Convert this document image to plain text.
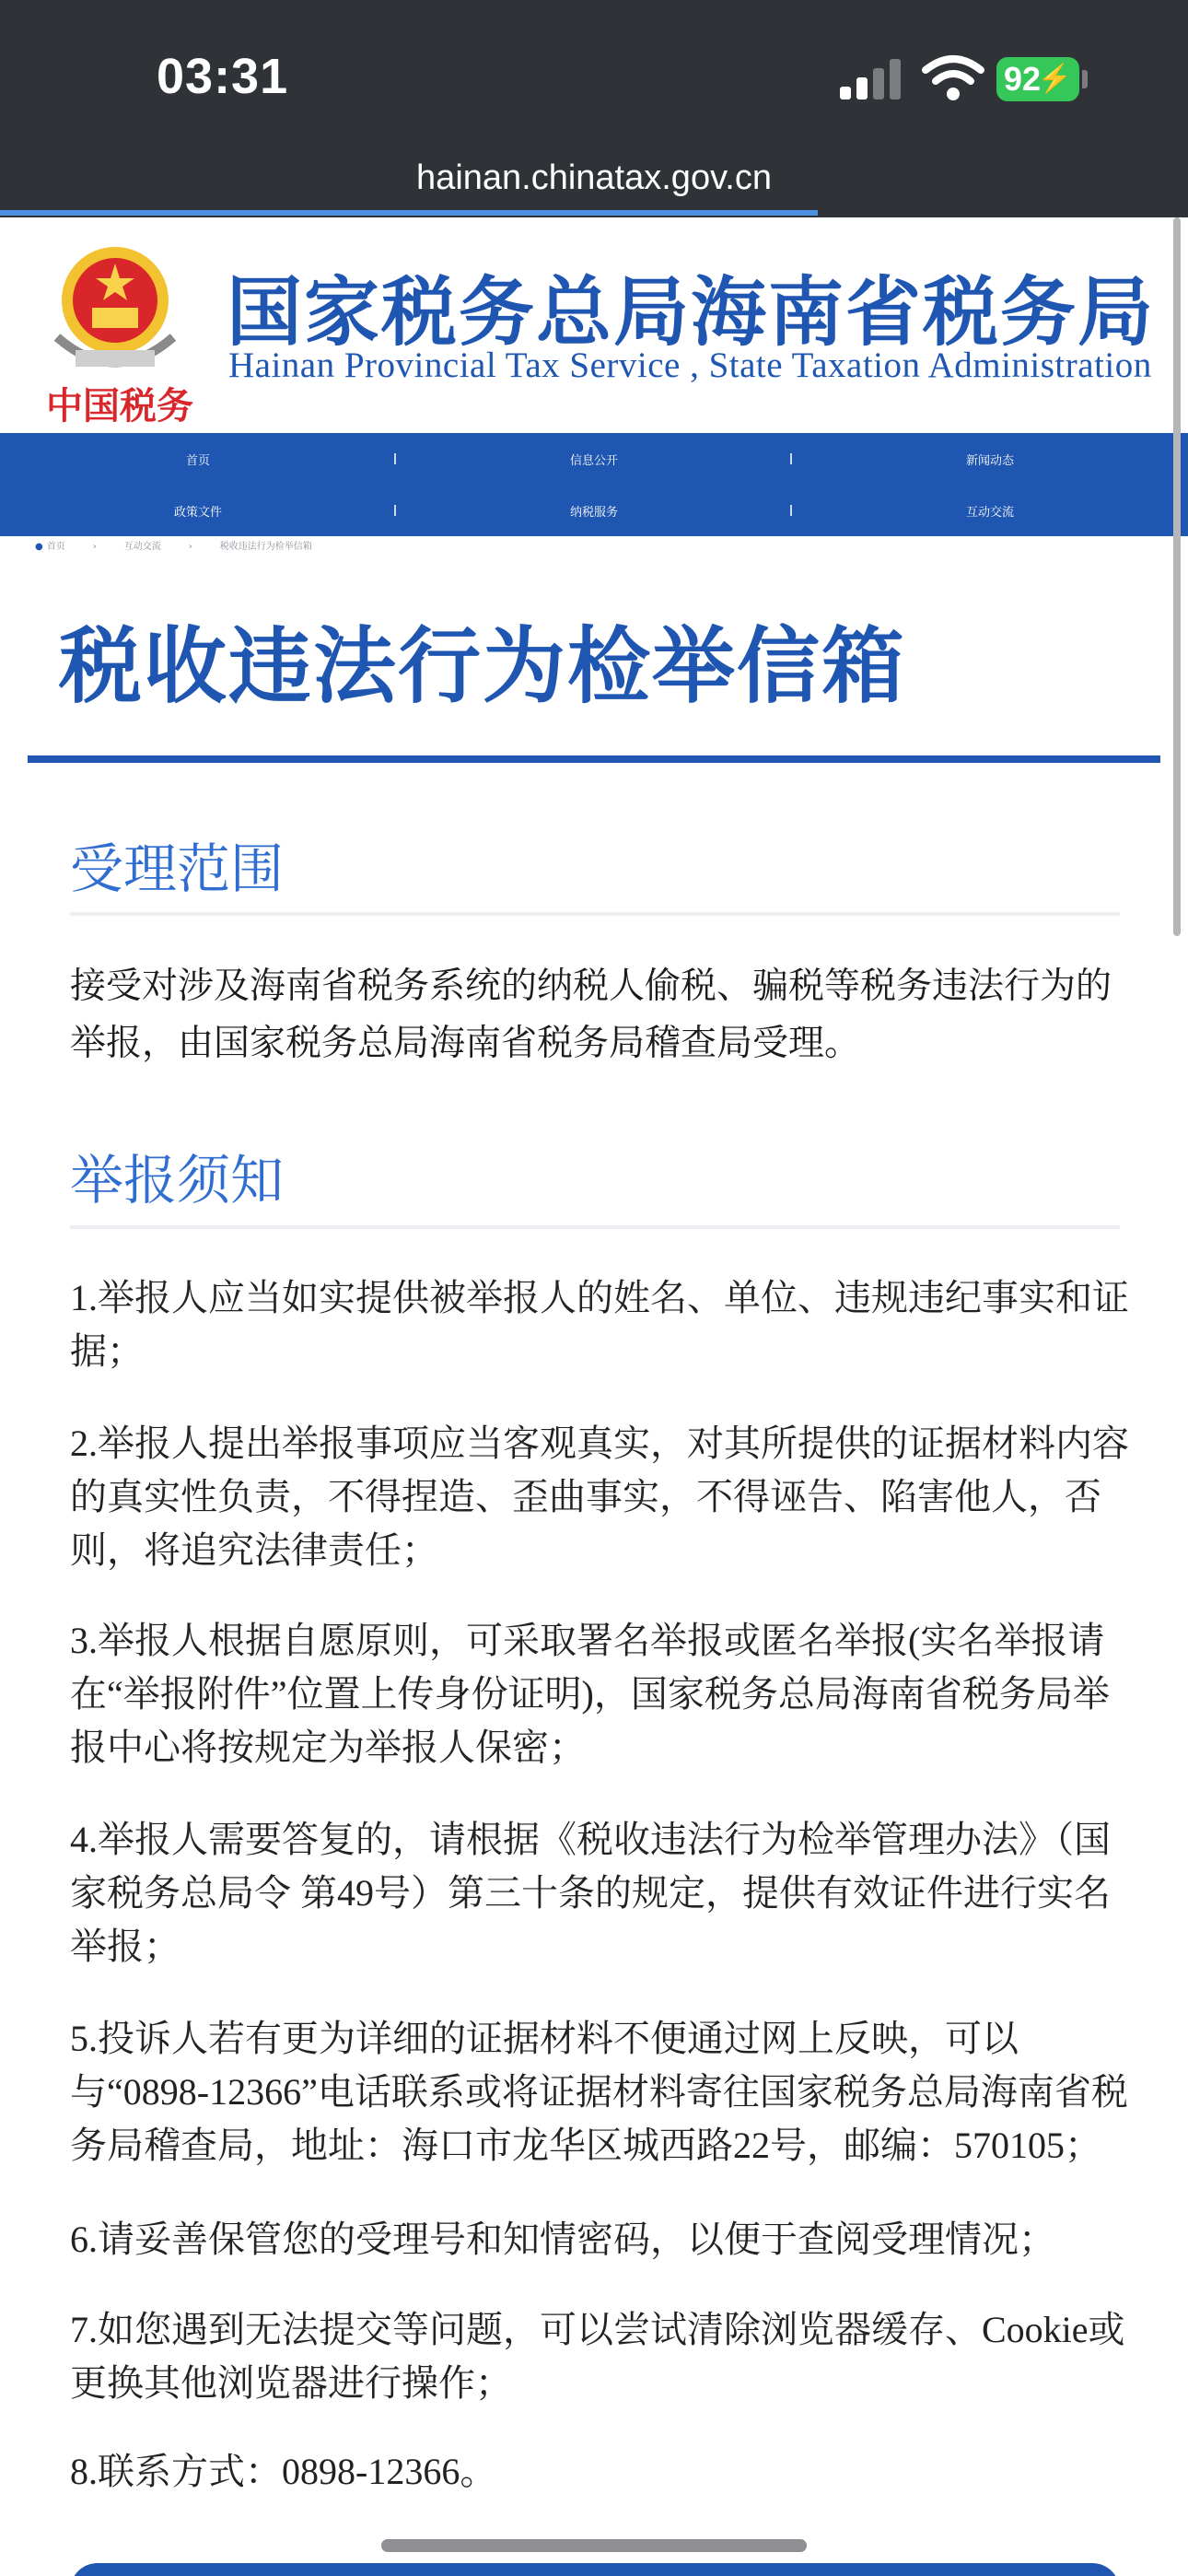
03:31	92
⚡
hainan.chinatax.gov.cn
中国税务
国家税务总局海南省税务局
Hainan Provincial Tax Service , State Taxation Administration
首页	信息公开	新闻动态
政策文件	纳税服务	互动交流
● 首页	›	互动交流	›	税收违法行为检举信箱
税收违法行为检举信箱
受理范围
接受对涉及海南省税务系统的纳税人偷税、骗税等税务违法行为的举报，由国家税务总局海南省税务局稽查局受理。
举报须知
1.举报人应当如实提供被举报人的姓名、单位、违规违纪事实和证据；
2.举报人提出举报事项应当客观真实，对其所提供的证据材料内容的真实性负责，不得捏造、歪曲事实，不得诬告、陷害他人，否则，将追究法律责任；
3.举报人根据自愿原则，可采取署名举报或匿名举报(实名举报请在“举报附件”位置上传身份证明)，国家税务总局海南省税务局举报中心将按规定为举报人保密；
4.举报人需要答复的，请根据《税收违法行为检举管理办法》（国家税务总局令 第49号）第三十条的规定，提供有效证件进行实名举报；
5.投诉人若有更为详细的证据材料不便通过网上反映，可以与“0898-12366”电话联系或将证据材料寄往国家税务总局海南省税务局稽查局，地址：海口市龙华区城西路22号，邮编：570105；
6.请妥善保管您的受理号和知情密码，以便于查阅受理情况；
7.如您遇到无法提交等问题，可以尝试清除浏览器缓存、Cookie或更换其他浏览器进行操作；
8.联系方式：0898-12366。
